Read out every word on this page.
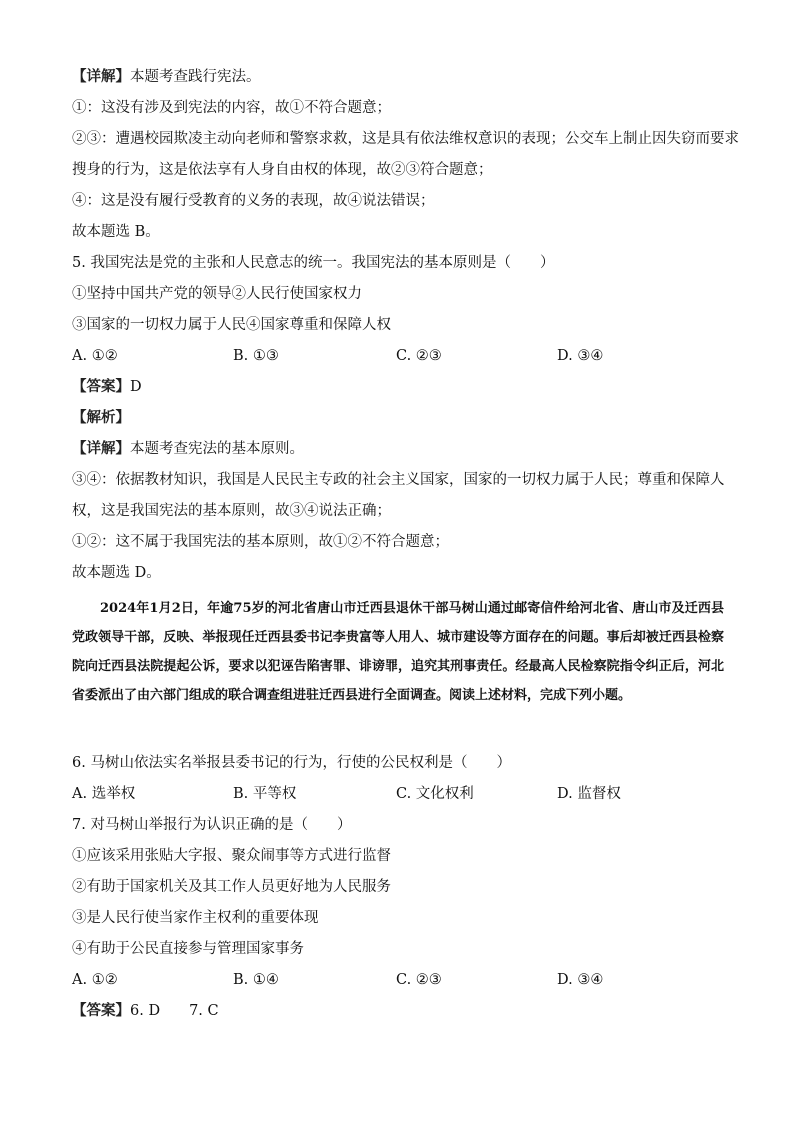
【详解】本题考查践行宪法。
①：这没有涉及到宪法的内容，故①不符合题意；
②③：遭遇校园欺凌主动向老师和警察求救，这是具有依法维权意识的表现；公交车上制止因失窃而要求
搜身的行为，这是依法享有人身自由权的体现，故②③符合题意；
④：这是没有履行受教育的义务的表现，故④说法错误；
故本题选 B。
5. 我国宪法是党的主张和人民意志的统一。我国宪法的基本原则是（　　）
①坚持中国共产党的领导②人民行使国家权力
③国家的一切权力属于人民④国家尊重和保障人权
A. ①②	B. ①③	C. ②③	D. ③④
【答案】D
【解析】
【详解】本题考查宪法的基本原则。
③④：依据教材知识，我国是人民民主专政的社会主义国家，国家的一切权力属于人民；尊重和保障人
权，这是我国宪法的基本原则，故③④说法正确；
①②：这不属于我国宪法的基本原则，故①②不符合题意；
故本题选 D。

2024年1月2日，年逾75岁的河北省唐山市迁西县退休干部马树山通过邮寄信件给河北省、唐山市及迁西县党政领导干部，反映、举报现任迁西县委书记李贵富等人用人、城市建设等方面存在的问题。事后却被迁西县检察院向迁西县法院提起公诉，要求以犯诬告陷害罪、诽谤罪，追究其刑事责任。经最高人民检察院指令纠正后，河北省委派出了由六部门组成的联合调查组进驻迁西县进行全面调查。阅读上述材料，完成下列小题。

6. 马树山依法实名举报县委书记的行为，行使的公民权利是（　　）
A. 选举权	B. 平等权	C. 文化权利	D. 监督权
7. 对马树山举报行为认识正确的是（　　）
①应该采用张贴大字报、聚众闹事等方式进行监督
②有助于国家机关及其工作人员更好地为人民服务
③是人民行使当家作主权利的重要体现
④有助于公民直接参与管理国家事务
A. ①②	B. ①④	C. ②③	D. ③④
【答案】6. D　　7. C
